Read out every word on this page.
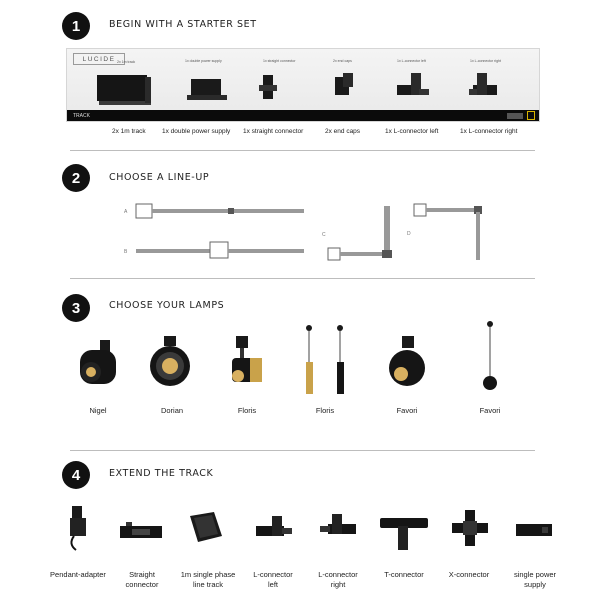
1	BEGIN WITH A STARTER SET
LUCIDE
TRACK
2x 1m track	1x double power supply	1x straight connector	2x end caps	1x L-connector left	1x L-connector right
2x 1m track	1x double power supply 1x straight connector	2x end caps	1x L-connector left	1x L-connector right
2	CHOOSE A LINE-UP
A
B
C	D
3	CHOOSE YOUR LAMPS
Nigel	Dorian	Floris	Floris	Favori	Favori
4	EXTEND THE TRACK
Pendant-adapter	Straight
connector
1m single phase
line track
L-connector
left
L-connector
right
T-connector	X-connector	single power
supply
